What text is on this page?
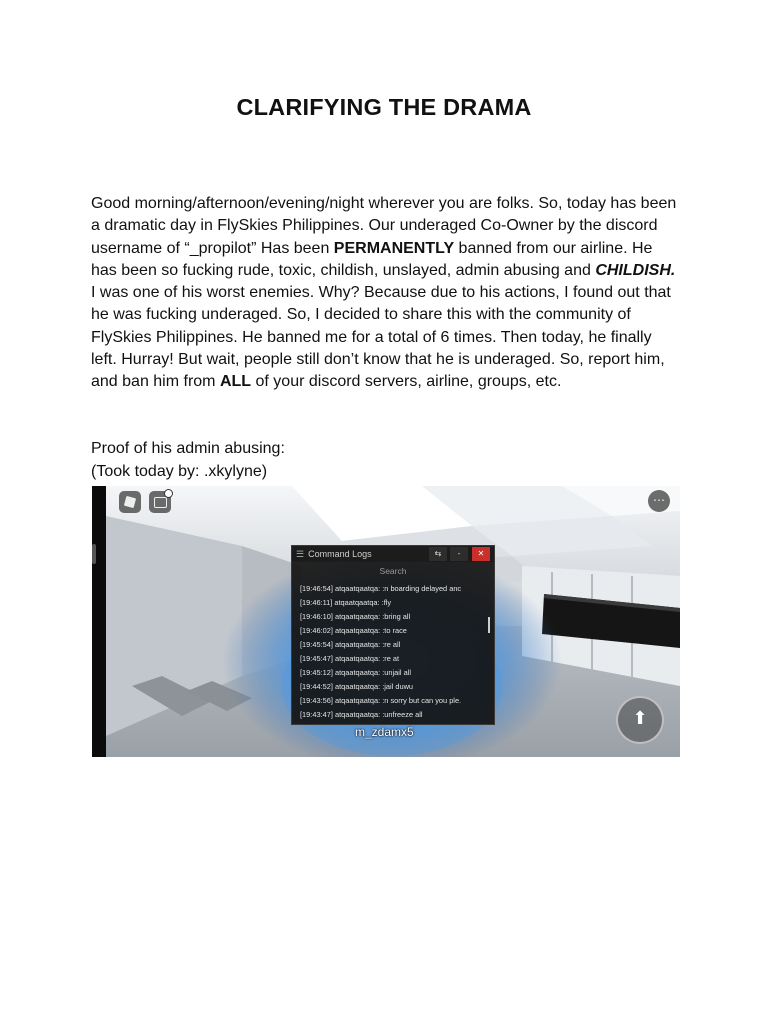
CLARIFYING THE DRAMA

Good morning/afternoon/evening/night wherever you are folks. So, today has been a dramatic day in FlySkies Philippines. Our underaged Co-Owner by the discord username of “_propilot” Has been PERMANENTLY banned from our airline. He has been so fucking rude, toxic, childish, unslayed, admin abusing and CHILDISH. I was one of his worst enemies. Why? Because due to his actions, I found out that he was fucking underaged. So, I decided to share this with the community of FlySkies Philippines. He banned me for a total of 6 times. Then today, he finally left. Hurray! But wait, people still don’t know that he is underaged. So, report him, and ban him from ALL of your discord servers, airline, groups, etc.

Proof of his admin abusing:
(Took today by: .xkylyne)
⋯
☰ Command Logs	⇆	-	✕
Search
[19:46:54] atqaatqaatqa: :n boarding delayed anc
[19:46:11] atqaatqaatqa: :fly
[19:46:10] atqaatqaatqa: :bring all
[19:46:02] atqaatqaatqa: :to race
[19:45:54] atqaatqaatqa: :re all
[19:45:47] atqaatqaatqa: :re at
[19:45:12] atqaatqaatqa: :unjail all
[19:44:52] atqaatqaatqa: :jail duwu
[19:43:56] atqaatqaatqa: :n sorry but can you ple.
[19:43:47] atqaatqaatqa: :unfreeze all
m_zdamx5
⬆
